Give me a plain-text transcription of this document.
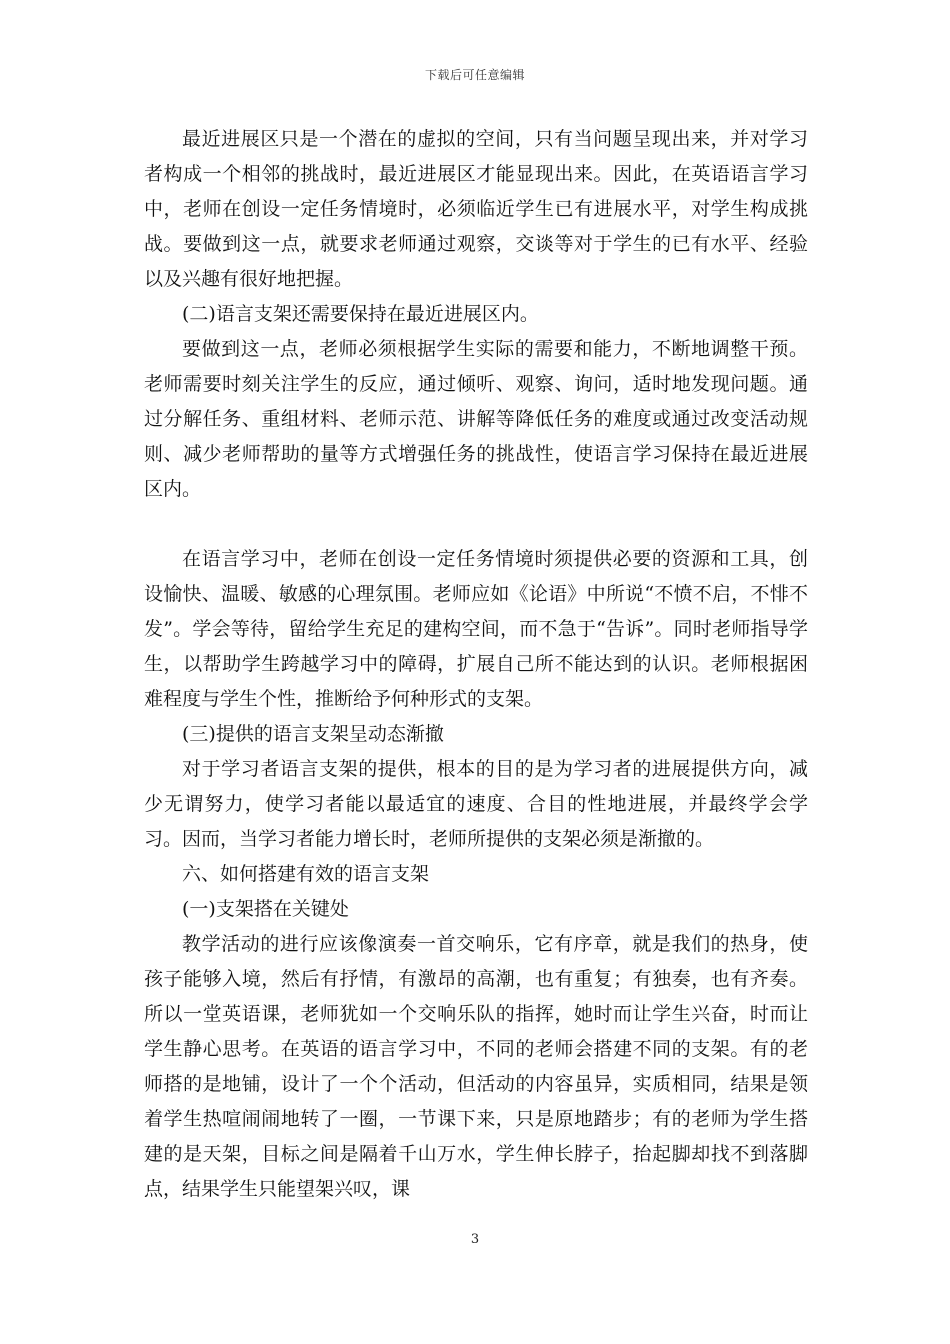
下载后可任意编辑

最近进展区只是一个潜在的虚拟的空间，只有当问题呈现出来，并对学习者构成一个相邻的挑战时，最近进展区才能显现出来。因此，在英语语言学习中，老师在创设一定任务情境时，必须临近学生已有进展水平，对学生构成挑战。要做到这一点，就要求老师通过观察，交谈等对于学生的已有水平、经验以及兴趣有很好地把握。

(二)语言支架还需要保持在最近进展区内。

要做到这一点，老师必须根据学生实际的需要和能力，不断地调整干预。老师需要时刻关注学生的反应，通过倾听、观察、询问，适时地发现问题。通过分解任务、重组材料、老师示范、讲解等降低任务的难度或通过改变活动规则、减少老师帮助的量等方式增强任务的挑战性，使语言学习保持在最近进展区内。

在语言学习中，老师在创设一定任务情境时须提供必要的资源和工具，创设愉快、温暖、敏感的心理氛围。老师应如《论语》中所说“不愤不启，不悱不发”。学会等待，留给学生充足的建构空间，而不急于“告诉”。同时老师指导学生，以帮助学生跨越学习中的障碍，扩展自己所不能达到的认识。老师根据困难程度与学生个性，推断给予何种形式的支架。

(三)提供的语言支架呈动态渐撤

对于学习者语言支架的提供，根本的目的是为学习者的进展提供方向，减少无谓努力，使学习者能以最适宜的速度、合目的性地进展，并最终学会学习。因而，当学习者能力增长时，老师所提供的支架必须是渐撤的。

六、如何搭建有效的语言支架

(一)支架搭在关键处

教学活动的进行应该像演奏一首交响乐，它有序章，就是我们的热身，使孩子能够入境，然后有抒情，有激昂的高潮，也有重复；有独奏，也有齐奏。所以一堂英语课，老师犹如一个交响乐队的指挥，她时而让学生兴奋，时而让学生静心思考。在英语的语言学习中，不同的老师会搭建不同的支架。有的老师搭的是地铺，设计了一个个活动，但活动的内容虽异，实质相同，结果是领着学生热喧闹闹地转了一圈，一节课下来，只是原地踏步；有的老师为学生搭建的是天架，目标之间是隔着千山万水，学生伸长脖子，抬起脚却找不到落脚点，结果学生只能望架兴叹，课

3
